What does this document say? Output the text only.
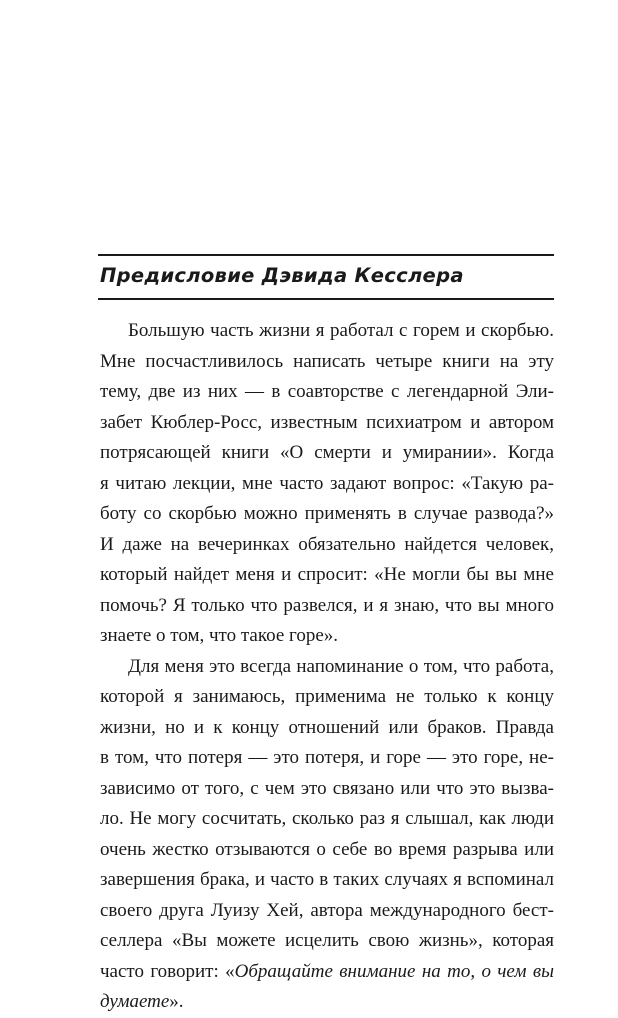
Предисловие Дэвида Кесслера

Большую часть жизни я работал с горем и скорбью.
Мне посчастливилось написать четыре книги на эту
тему, две из них — в соавторстве с легендарной Эли-
забет Кюблер-Росс, известным психиатром и автором
потрясающей книги «О смерти и умирании». Когда
я читаю лекции, мне часто задают вопрос: «Такую ра-
боту со скорбью можно применять в случае развода?»
И даже на вечеринках обязательно найдется человек,
который найдет меня и спросит: «Не могли бы вы мне
помочь? Я только что развелся, и я знаю, что вы много
знаете о том, что такое горе».

Для меня это всегда напоминание о том, что работа,
которой я занимаюсь, применима не только к концу
жизни, но и к концу отношений или браков. Правда
в том, что потеря — это потеря, и горе — это горе, не-
зависимо от того, с чем это связано или что это вызва-
ло. Не могу сосчитать, сколько раз я слышал, как люди
очень жестко отзываются о себе во время разрыва или
завершения брака, и часто в таких случаях я вспоминал
своего друга Луизу Хей, автора международного бест-
селлера «Вы можете исцелить свою жизнь», которая
часто говорит: «Обращайте внимание на то, о чем вы
думаете».
